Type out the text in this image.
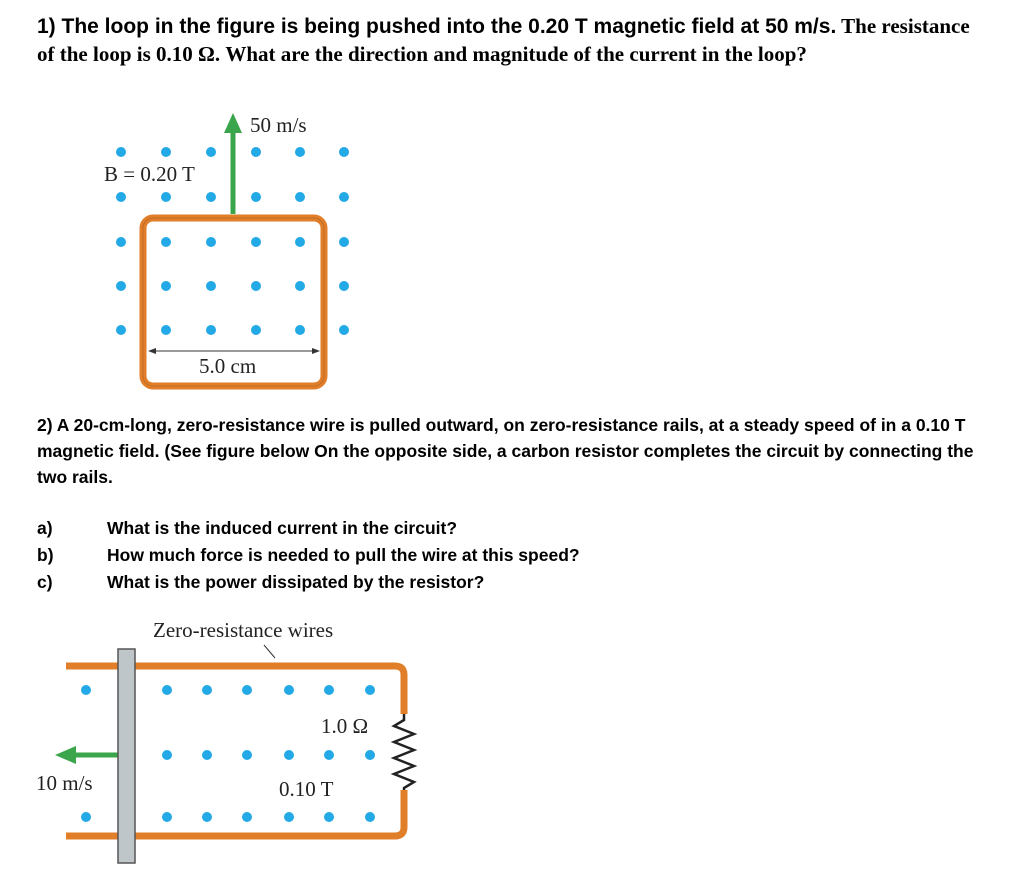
1) The loop in the figure is being pushed into the 0.20 T magnetic field at 50 m/s. The resistance
of the loop is 0.10 Ω. What are the direction and magnitude of the current in the loop?
B = 0.20 T
50 m/s
5.0 cm
2) A 20-cm-long, zero-resistance wire is pulled outward, on zero-resistance rails, at a steady speed of in a 0.10 T magnetic field. (See figure below On the opposite side, a carbon resistor completes the circuit by connecting the two rails.
a)	What is the induced current in the circuit?
b)	How much force is needed to pull the wire at this speed?
c)	What is the power dissipated by the resistor?
Zero-resistance wires
1.0 Ω
0.10 T
10 m/s
